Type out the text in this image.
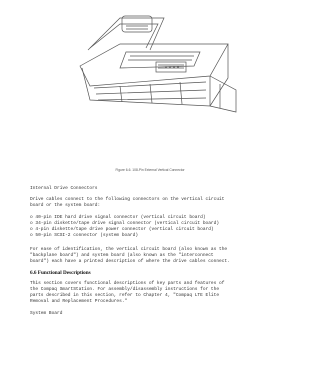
Figure 6-6. 108-Pin External Vertical Connector
Internal Drive Connectors
Drive cables connect to the following connectors on the vertical circuit
board or the system board:
o 40-pin IDE hard drive signal connector (vertical circuit board)
o 34-pin diskette/tape drive signal connector (vertical circuit board)
o 4-pin diskette/tape drive power connector (vertical circuit board)
o 50-pin SCSI-2 connector (system board)
For ease of identification, the vertical circuit board (also known as the
"backplane board") and system board (also known as the "interconnect
board") each have a printed description of where the drive cables connect.
6.6 Functional Descriptions
This section covers functional descriptions of key parts and features of
the Compaq SmartStation. For assembly/disassembly instructions for the
parts described in this section, refer to Chapter 4, "Compaq LTE Elite
Removal and Replacement Procedures."
System Board
